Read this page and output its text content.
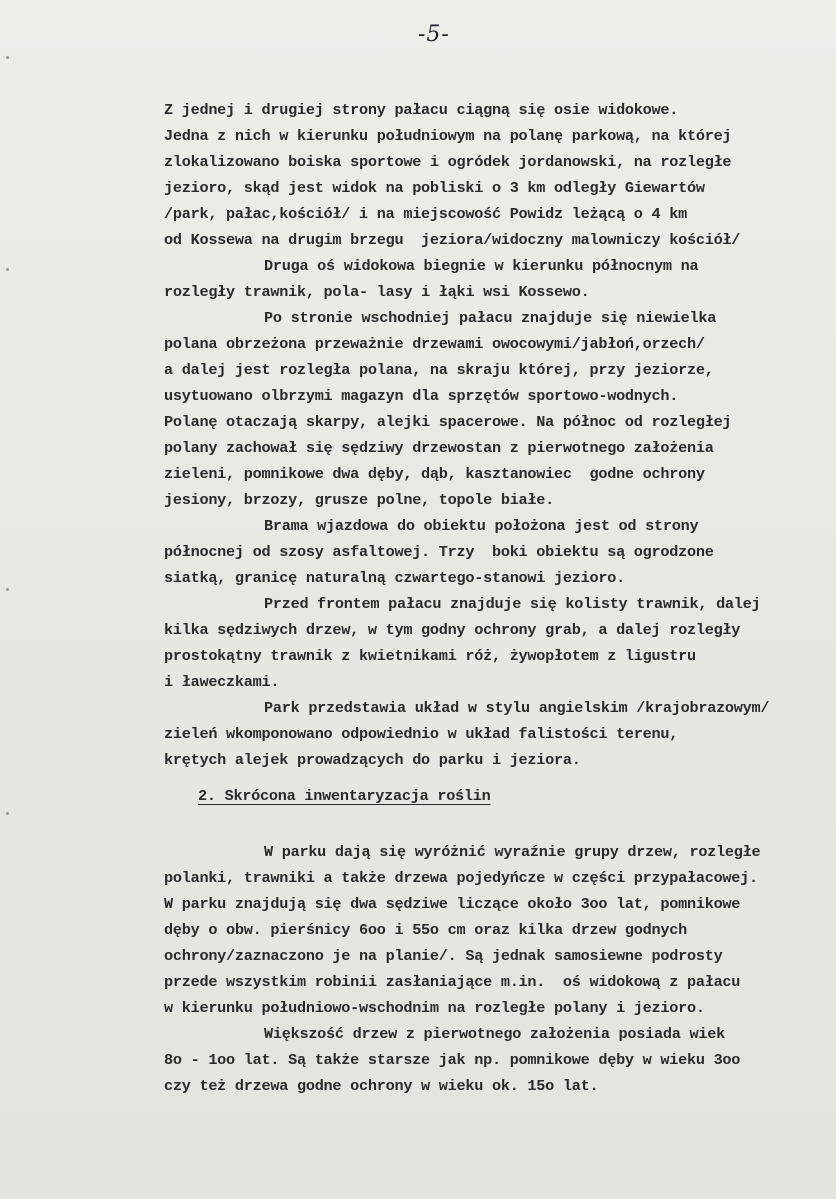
-5-
Z jednej i drugiej strony pałacu ciągną się osie widokowe.
Jedna z nich w kierunku południowym na polanę parkową, na której
zlokalizowano boiska sportowe i ogródek jordanowski, na rozległe
jezioro, skąd jest widok na pobliski o 3 km odległy Giewartów
/park, pałac,kościół/ i na miejscowość Powidz leżącą o 4 km
od Kossewa na drugim brzegu  jeziora/widoczny malowniczy kościół/
Druga oś widokowa biegnie w kierunku północnym na
rozległy trawnik, pola- lasy i łąki wsi Kossewo.
Po stronie wschodniej pałacu znajduje się niewielka
polana obrzeżona przeważnie drzewami owocowymi/jabłoń,orzech/
a dalej jest rozległa polana, na skraju której, przy jeziorze,
usytuowano olbrzymi magazyn dla sprzętów sportowo-wodnych.
Polanę otaczają skarpy, alejki spacerowe. Na północ od rozległej
polany zachował się sędziwy drzewostan z pierwotnego założenia
zieleni, pomnikowe dwa dęby, dąb, kasztanowiec  godne ochrony
jesiony, brzozy, grusze polne, topole białe.
Brama wjazdowa do obiektu położona jest od strony
północnej od szosy asfaltowej. Trzy  boki obiektu są ogrodzone
siatką, granicę naturalną czwartego-stanowi jezioro.
Przed frontem pałacu znajduje się kolisty trawnik, dalej
kilka sędziwych drzew, w tym godny ochrony grab, a dalej rozległy
prostokątny trawnik z kwietnikami róż, żywopłotem z ligustru
i ławeczkami.
Park przedstawia układ w stylu angielskim /krajobrazowym/
zieleń wkomponowano odpowiednio w układ falistości terenu,
krętych alejek prowadzących do parku i jeziora.
2. Skrócona inwentaryzacja roślin
W parku dają się wyróżnić wyraźnie grupy drzew, rozległe
polanki, trawniki a także drzewa pojedyńcze w części przypałacowej.
W parku znajdują się dwa sędziwe liczące około 3oo lat, pomnikowe
dęby o obw. pierśnicy 6oo i 55o cm oraz kilka drzew godnych
ochrony/zaznaczono je na planie/. Są jednak samosiewne podrosty
przede wszystkim robinii zasłaniające m.in.  oś widokową z pałacu
w kierunku południowo-wschodnim na rozległe polany i jezioro.
Większość drzew z pierwotnego założenia posiada wiek
8o - 1oo lat. Są także starsze jak np. pomnikowe dęby w wieku 3oo
czy też drzewa godne ochrony w wieku ok. 15o lat.
